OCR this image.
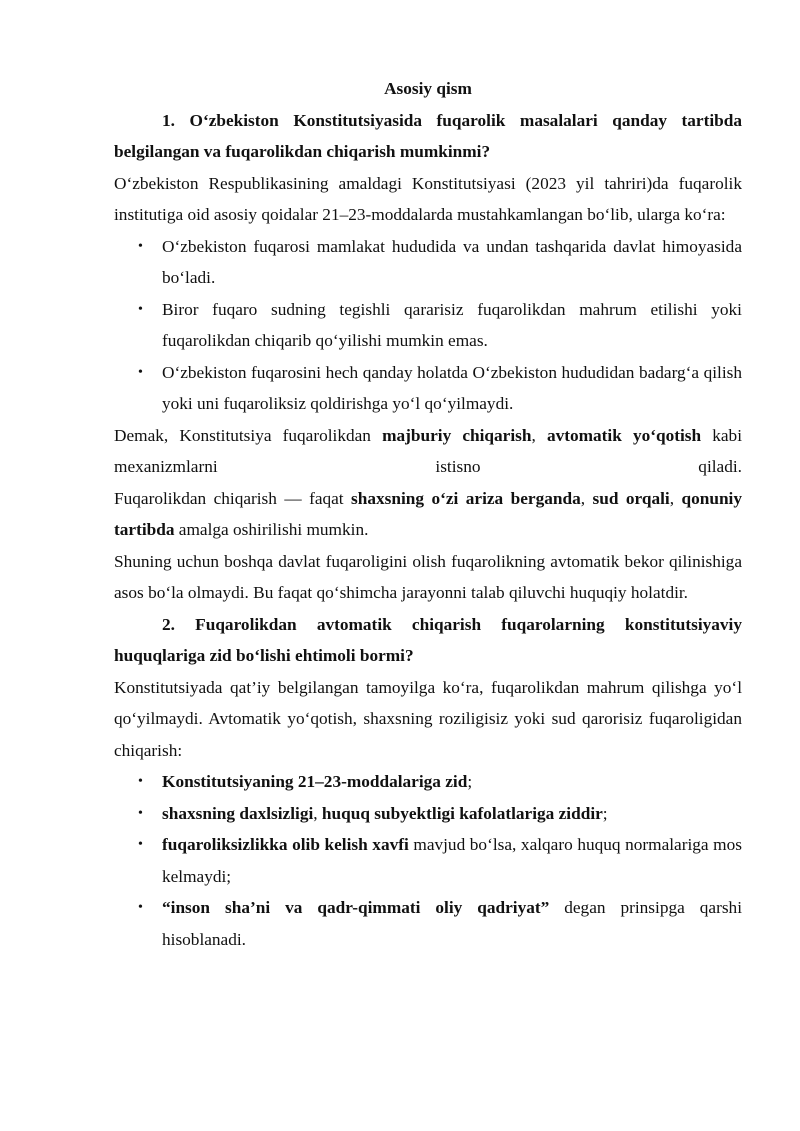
Asosiy qism

1. O‘zbekiston Konstitutsiyasida fuqarolik masalalari qanday tartibda belgilangan va fuqarolikdan chiqarish mumkinmi?

O‘zbekiston Respublikasining amaldagi Konstitutsiyasi (2023 yil tahriri)da fuqarolik institutiga oid asosiy qoidalar 21–23-moddalarda mustahkamlangan bo‘lib, ularga ko‘ra:

• O‘zbekiston fuqarosi mamlakat hududida va undan tashqarida davlat himoyasida bo‘ladi.
• Biror fuqaro sudning tegishli qararisiz fuqarolikdan mahrum etilishi yoki fuqarolikdan chiqarib qo‘yilishi mumkin emas.
• O‘zbekiston fuqarosini hech qanday holatda O‘zbekiston hududidan badarg‘a qilish yoki uni fuqaroliksiz qoldirishga yo‘l qo‘yilmaydi.

Demak, Konstitutsiya fuqarolikdan majburiy chiqarish, avtomatik yo‘qotish kabi mexanizmlarni istisno qiladi.

Fuqarolikdan chiqarish — faqat shaxsning o‘zi ariza berganda, sud orqali, qonuniy tartibda amalga oshirilishi mumkin.

Shuning uchun boshqa davlat fuqaroligini olish fuqarolikning avtomatik bekor qilinishiga asos bo‘la olmaydi. Bu faqat qo‘shimcha jarayonni talab qiluvchi huquqiy holatdir.

2. Fuqarolikdan avtomatik chiqarish fuqarolarning konstitutsiyaviy huquqlariga zid bo‘lishi ehtimoli bormi?

Konstitutsiyada qat’iy belgilangan tamoyilga ko‘ra, fuqarolikdan mahrum qilishga yo‘l qo‘yilmaydi. Avtomatik yo‘qotish, shaxsning roziligisiz yoki sud qarorisiz fuqaroligidan chiqarish:

• Konstitutsiyaning 21–23-moddalariga zid;
• shaxsning daxlsizligi, huquq subyektligi kafolatlariga ziddir;
• fuqaroliksizlikka olib kelish xavfi mavjud bo‘lsa, xalqaro huquq normalariga mos kelmaydi;
• “inson sha’ni va qadr-qimmati oliy qadriyat” degan prinsipga qarshi hisoblanadi.
